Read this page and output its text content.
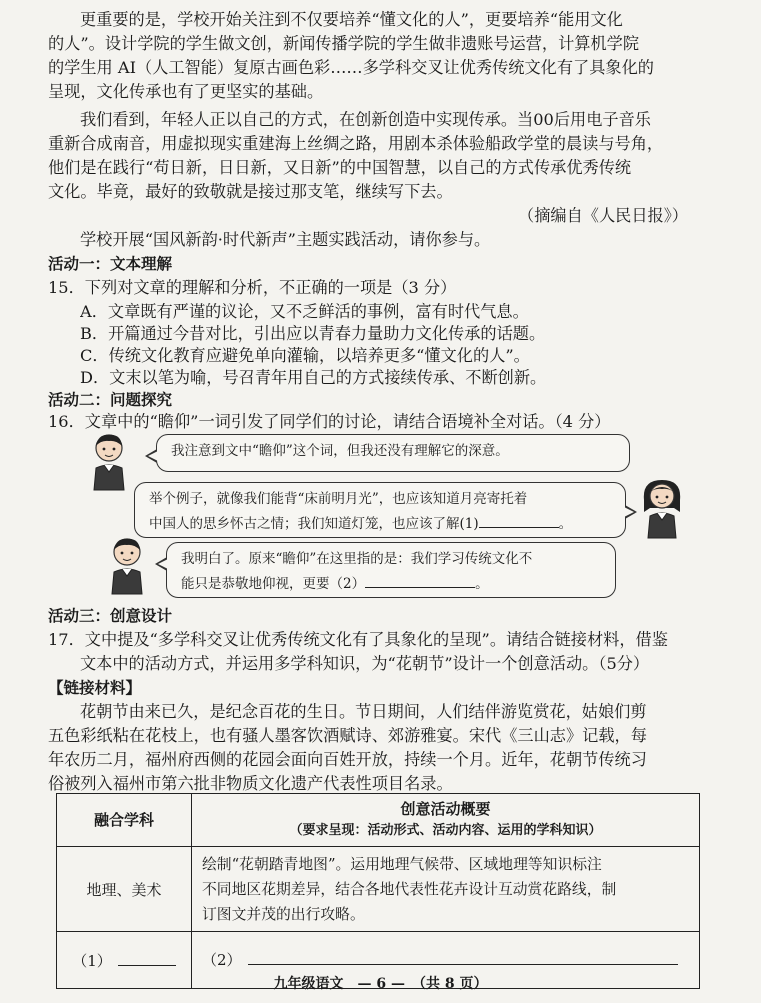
更重要的是，学校开始关注到不仅要培养“懂文化的人”，更要培养“能用文化
的人”。设计学院的学生做文创，新闻传播学院的学生做非遗账号运营，计算机学院
的学生用 AI（人工智能）复原古画色彩……多学科交叉让优秀传统文化有了具象化的
呈现，文化传承也有了更坚实的基础。
我们看到，年轻人正以自己的方式，在创新创造中实现传承。当00后用电子音乐
重新合成南音，用虚拟现实重建海上丝绸之路，用剧本杀体验船政学堂的晨读与号角，
他们是在践行“苟日新，日日新，又日新”的中国智慧，以自己的方式传承优秀传统
文化。毕竟，最好的致敬就是接过那支笔，继续写下去。
（摘编自《人民日报》）
学校开展“国风新韵·时代新声”主题实践活动，请你参与。
活动一：文本理解
15．下列对文章的理解和分析，不正确的一项是（3 分）
A．文章既有严谨的议论，又不乏鲜活的事例，富有时代气息。
B．开篇通过今昔对比，引出应以青春力量助力文化传承的话题。
C．传统文化教育应避免单向灌输，以培养更多“懂文化的人”。
D．文末以笔为喻，号召青年用自己的方式接续传承、不断创新。
活动二：问题探究
16．文章中的“瞻仰”一词引发了同学们的讨论，请结合语境补全对话。（4 分）
我注意到文中“瞻仰”这个词，但我还没有理解它的深意。
举个例子，就像我们能背“床前明月光”，也应该知道月亮寄托着
中国人的思乡怀古之情；我们知道灯笼，也应该了解(1)	。
我明白了。原来“瞻仰”在这里指的是：我们学习传统文化不
能只是恭敬地仰视，更要（2）	。
活动三：创意设计
17．文中提及“多学科交叉让优秀传统文化有了具象化的呈现”。请结合链接材料，借鉴
文本中的活动方式，并运用多学科知识，为“花朝节”设计一个创意活动。（5分）
【链接材料】
花朝节由来已久，是纪念百花的生日。节日期间，人们结伴游览赏花，姑娘们剪
五色彩纸粘在花枝上，也有骚人墨客饮酒赋诗、郊游雅宴。宋代《三山志》记载，每
年农历二月，福州府西侧的花园会面向百姓开放，持续一个月。近年，花朝节传统习
俗被列入福州市第六批非物质文化遗产代表性项目名录。
融合学科	创意活动概要
（要求呈现：活动形式、活动内容、运用的学科知识）

地理、美术	绘制“花朝踏青地图”。运用地理气候带、区域地理等知识标注
不同地区花期差异，结合各地代表性花卉设计互动赏花路线，制
订图文并茂的出行攻略。

（1）	（2）
九年级语文　— 6 —　（共 8 页）
